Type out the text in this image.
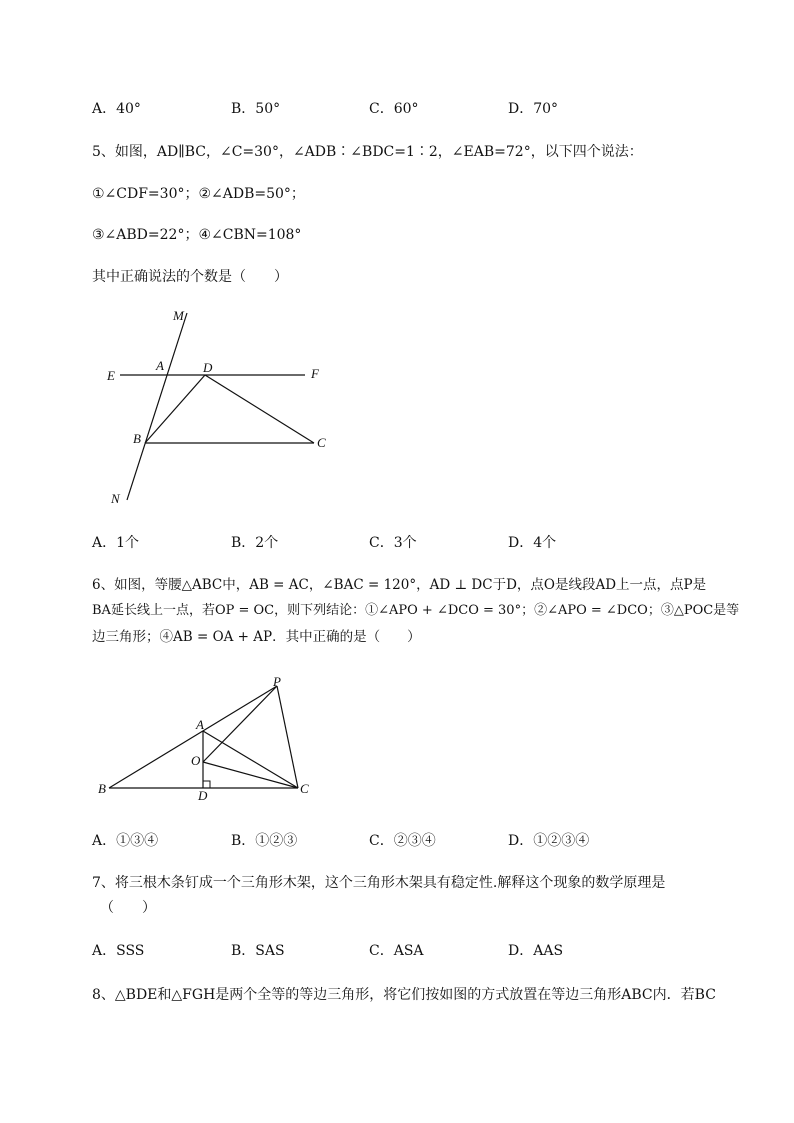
A．40°	B．50°	C．60°	D．70°
5、如图，AD∥BC，∠C=30°，∠ADB∶∠BDC=1∶2，∠EAB=72°，以下四个说法：
①∠CDF=30°；②∠ADB=50°；
③∠ABD=22°；④∠CBN=108°
其中正确说法的个数是（　　）
M
A	D
E	F
B	C
N
A．1个	B．2个	C．3个	D．4个
6、如图，等腰△ABC中，AB = AC，∠BAC = 120°，AD ⊥ DC于D，点O是线段AD上一点，点P是
BA延长线上一点，若OP = OC，则下列结论：①∠APO + ∠DCO = 30°；②∠APO = ∠DCO；③△POC是等
边三角形；④AB = OA + AP．其中正确的是（　　）
P
A
O
B	D	C
A．①③④	B．①②③	C．②③④	D．①②③④
7、将三根木条钉成一个三角形木架，这个三角形木架具有稳定性.解释这个现象的数学原理是
（　　）
A．SSS	B．SAS	C．ASA	D．AAS
8、△BDE和△FGH是两个全等的等边三角形，将它们按如图的方式放置在等边三角形ABC内．若BC
